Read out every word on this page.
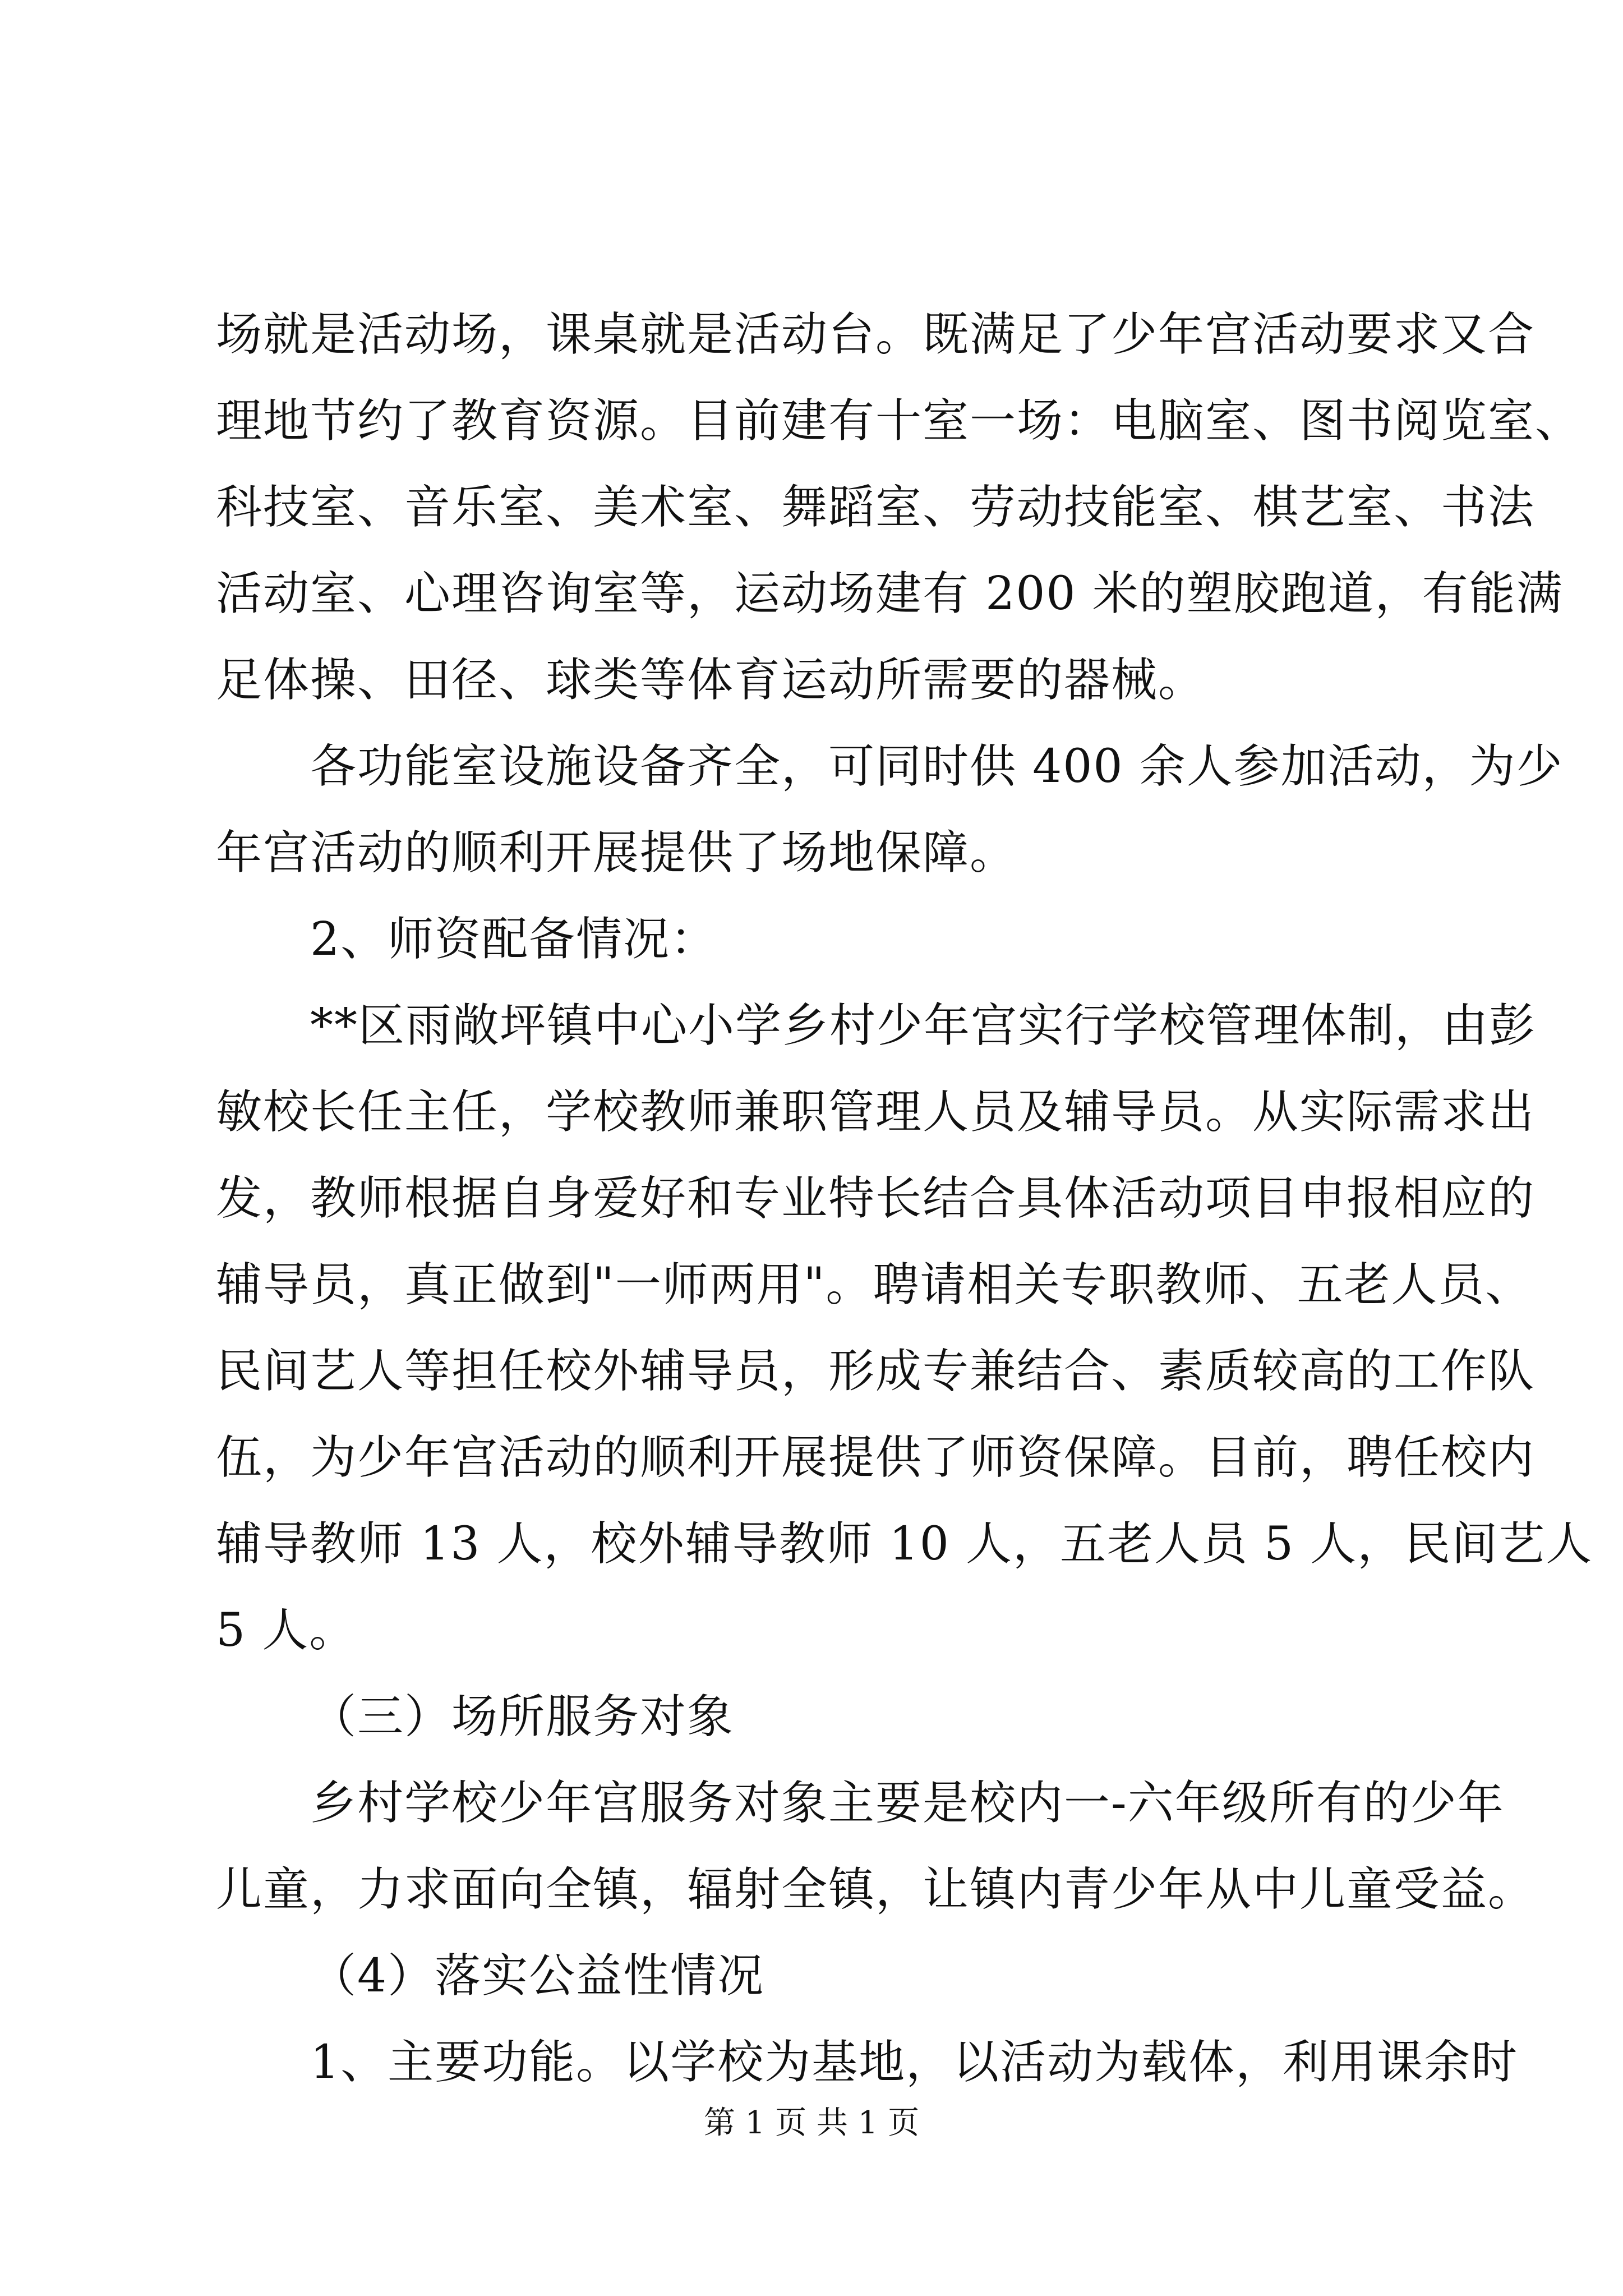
场就是活动场，课桌就是活动台。既满足了少年宫活动要求又合
理地节约了教育资源。目前建有十室一场：电脑室、图书阅览室、
科技室、音乐室、美术室、舞蹈室、劳动技能室、棋艺室、书法
活动室、心理咨询室等，运动场建有 200 米的塑胶跑道，有能满
足体操、田径、球类等体育运动所需要的器械。
各功能室设施设备齐全，可同时供 400 余人参加活动，为少
年宫活动的顺利开展提供了场地保障。
2、师资配备情况：
**区雨敞坪镇中心小学乡村少年宫实行学校管理体制，由彭
敏校长任主任，学校教师兼职管理人员及辅导员。从实际需求出
发，教师根据自身爱好和专业特长结合具体活动项目申报相应的
辅导员，真正做到"一师两用"。聘请相关专职教师、五老人员、
民间艺人等担任校外辅导员，形成专兼结合、素质较高的工作队
伍，为少年宫活动的顺利开展提供了师资保障。目前，聘任校内
辅导教师 13 人，校外辅导教师 10 人，五老人员 5 人，民间艺人
5 人。
（三）场所服务对象
乡村学校少年宫服务对象主要是校内一-六年级所有的少年
儿童，力求面向全镇，辐射全镇，让镇内青少年从中儿童受益。
（4）落实公益性情况
1、主要功能。以学校为基地，以活动为载体，利用课余时
第 1 页 共 1 页
